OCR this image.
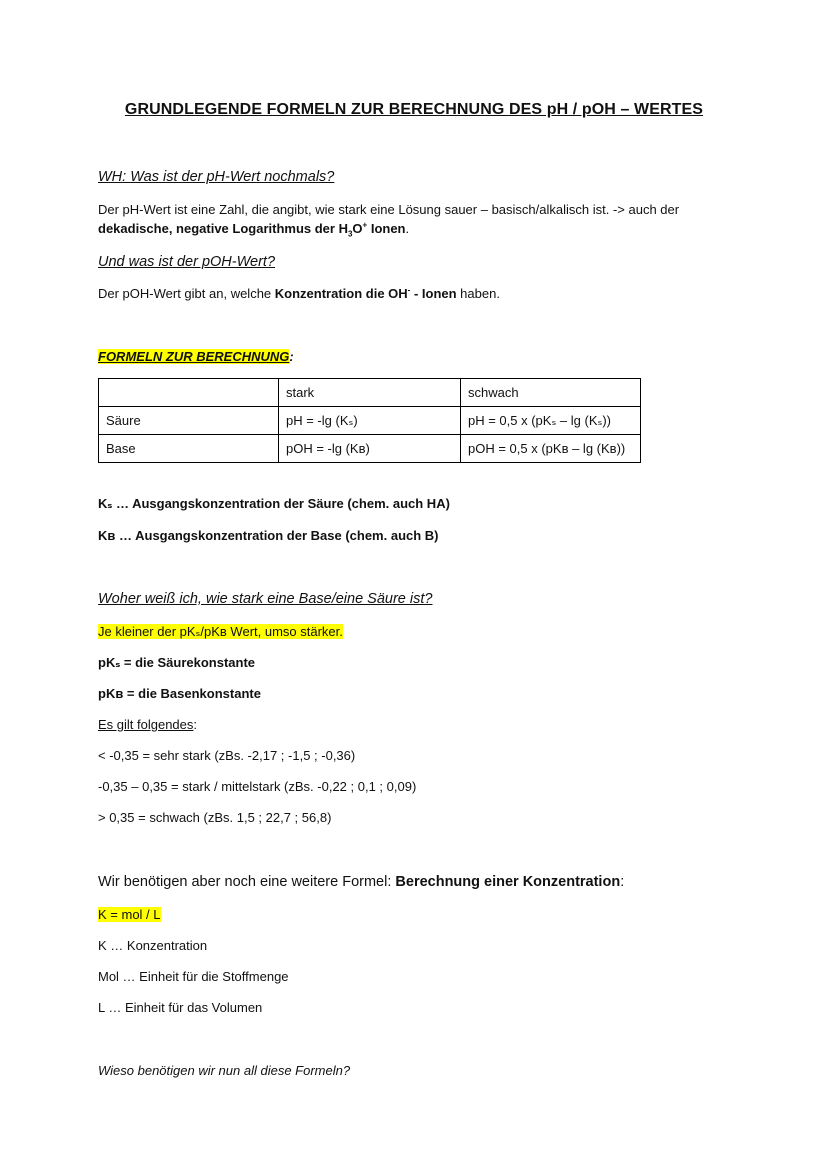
GRUNDLEGENDE FORMELN ZUR BERECHNUNG DES pH / pOH – WERTES
WH: Was ist der pH-Wert nochmals?
Der pH-Wert ist eine Zahl, die angibt, wie stark eine Lösung sauer – basisch/alkalisch ist. -> auch der
dekadische, negative Logarithmus der $H_3O^+$ Ionen.
Und was ist der pOH-Wert?
Der pOH-Wert gibt an, welche Konzentration die OH- - Ionen haben.
FORMELN ZUR BERECHNUNG:
	stark	schwach
Säure	pH = -lg (Kₛ)	pH = 0,5 x (pKₛ – lg (Kₛ))
Base	pOH = -lg (Kʙ)	pOH = 0,5 x (pKʙ – lg (Kʙ))
Kₛ … Ausgangskonzentration der Säure (chem. auch HA)
Kʙ … Ausgangskonzentration der Base (chem. auch B)
Woher weiß ich, wie stark eine Base/eine Säure ist?
Je kleiner der pKₛ/pKʙ Wert, umso stärker.
pKₛ = die Säurekonstante
pKʙ = die Basenkonstante
Es gilt folgendes:
< -0,35 = sehr stark (zBs. -2,17 ; -1,5 ; -0,36)
-0,35 – 0,35 = stark / mittelstark (zBs. -0,22 ; 0,1 ; 0,09)
> 0,35 = schwach (zBs. 1,5 ; 22,7 ; 56,8)
Wir benötigen aber noch eine weitere Formel: Berechnung einer Konzentration:
K = mol / L
K … Konzentration
Mol … Einheit für die Stoffmenge
L … Einheit für das Volumen
Wieso benötigen wir nun all diese Formeln?
